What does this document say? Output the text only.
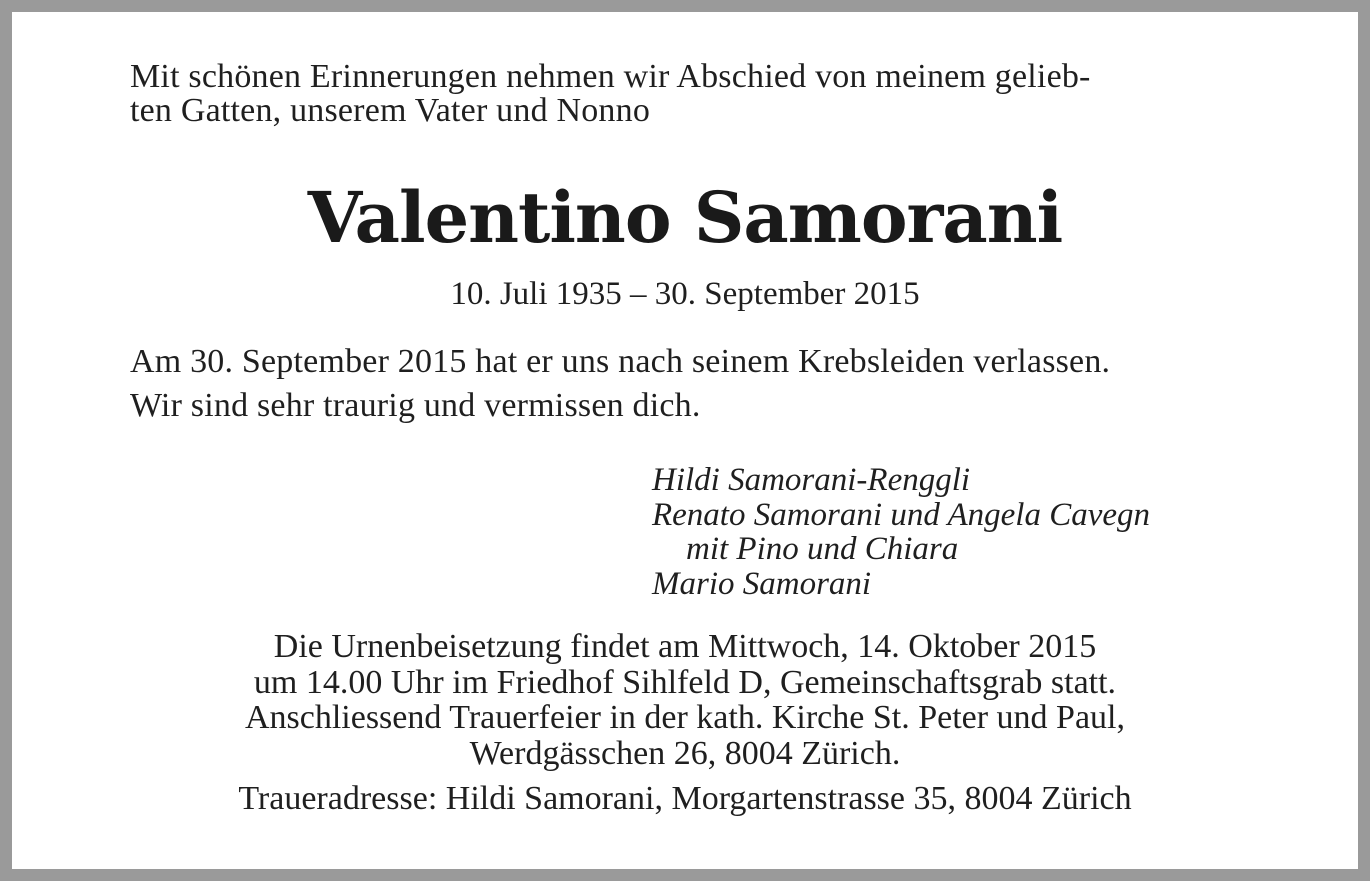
Mit schönen Erinnerungen nehmen wir Abschied von meinem gelieb-
ten Gatten, unserem Vater und Nonno
Valentino Samorani
10. Juli 1935 – 30. September 2015
Am 30. September 2015 hat er uns nach seinem Krebsleiden verlassen.
Wir sind sehr traurig und vermissen dich.
Hildi Samorani-Renggli
Renato Samorani und Angela Cavegn
mit Pino und Chiara
Mario Samorani
Die Urnenbeisetzung findet am Mittwoch, 14. Oktober 2015
um 14.00 Uhr im Friedhof Sihlfeld D, Gemeinschaftsgrab statt.
Anschliessend Trauerfeier in der kath. Kirche St. Peter und Paul,
Werdgässchen 26, 8004 Zürich.
Traueradresse: Hildi Samorani, Morgartenstrasse 35, 8004 Zürich
